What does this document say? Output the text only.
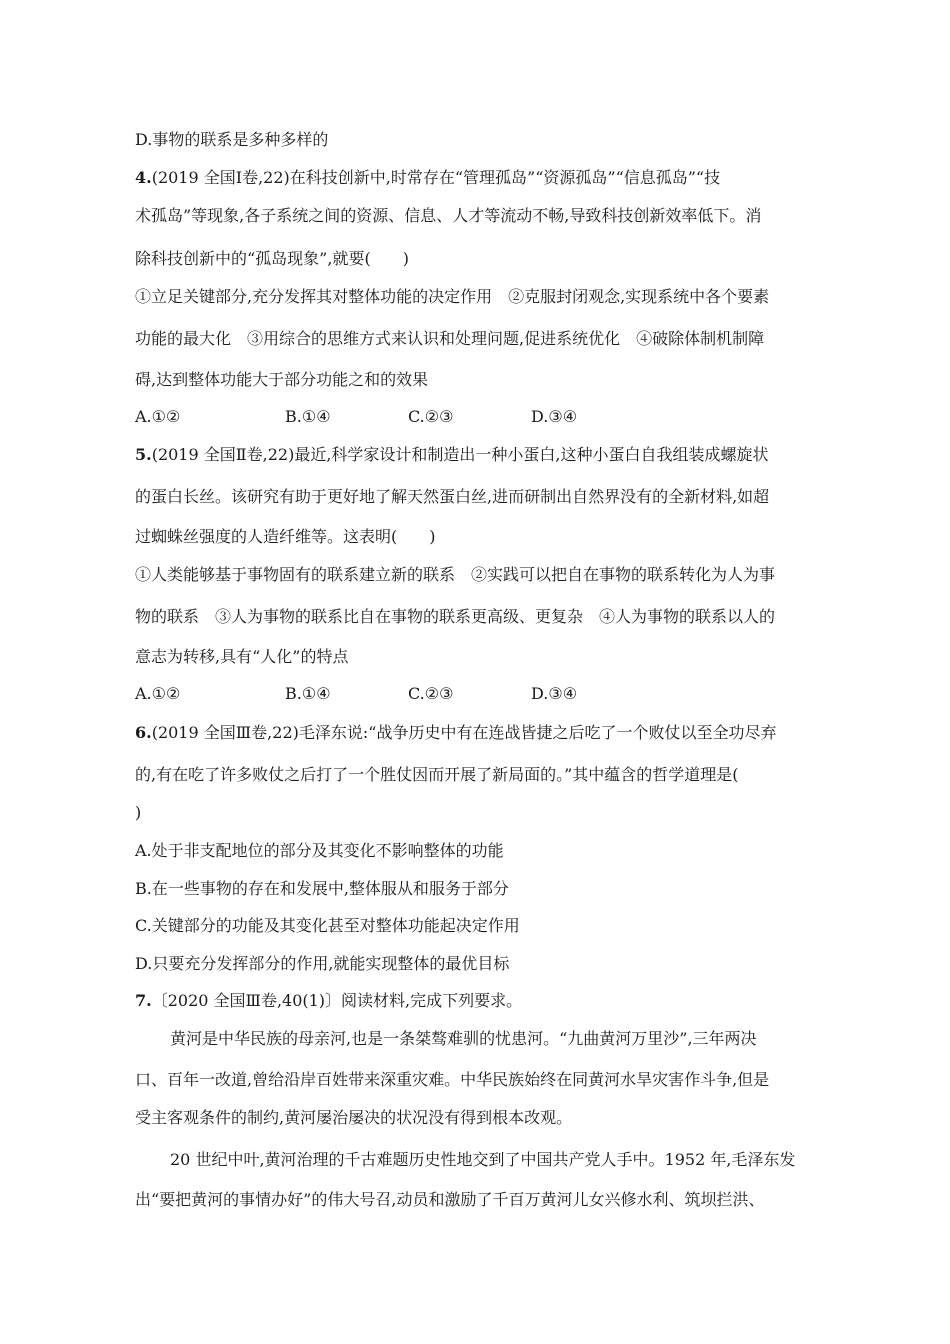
D.事物的联系是多种多样的
4.(2019 全国Ⅰ卷,22)在科技创新中,时常存在“管理孤岛”“资源孤岛”“信息孤岛”“技
术孤岛”等现象,各子系统之间的资源、信息、人才等流动不畅,导致科技创新效率低下。消
除科技创新中的“孤岛现象”,就要(　　)
①立足关键部分,充分发挥其对整体功能的决定作用　②克服封闭观念,实现系统中各个要素
功能的最大化　③用综合的思维方式来认识和处理问题,促进系统优化　④破除体制机制障
碍,达到整体功能大于部分功能之和的效果
A.①②	B.①④	C.②③	D.③④
5.(2019 全国Ⅱ卷,22)最近,科学家设计和制造出一种小蛋白,这种小蛋白自我组装成螺旋状
的蛋白长丝。该研究有助于更好地了解天然蛋白丝,进而研制出自然界没有的全新材料,如超
过蜘蛛丝强度的人造纤维等。这表明(　　)
①人类能够基于事物固有的联系建立新的联系　②实践可以把自在事物的联系转化为人为事
物的联系　③人为事物的联系比自在事物的联系更高级、更复杂　④人为事物的联系以人的
意志为转移,具有“人化”的特点
A.①②	B.①④	C.②③	D.③④
6.(2019 全国Ⅲ卷,22)毛泽东说:“战争历史中有在连战皆捷之后吃了一个败仗以至全功尽弃
的,有在吃了许多败仗之后打了一个胜仗因而开展了新局面的。”其中蕴含的哲学道理是(
)
A.处于非支配地位的部分及其变化不影响整体的功能
B.在一些事物的存在和发展中,整体服从和服务于部分
C.关键部分的功能及其变化甚至对整体功能起决定作用
D.只要充分发挥部分的作用,就能实现整体的最优目标
7.〔2020 全国Ⅲ卷,40(1)〕阅读材料,完成下列要求。
黄河是中华民族的母亲河,也是一条桀骜难驯的忧患河。“九曲黄河万里沙”,三年两决
口、百年一改道,曾给沿岸百姓带来深重灾难。中华民族始终在同黄河水旱灾害作斗争,但是
受主客观条件的制约,黄河屡治屡决的状况没有得到根本改观。
20 世纪中叶,黄河治理的千古难题历史性地交到了中国共产党人手中。1952 年,毛泽东发
出“要把黄河的事情办好”的伟大号召,动员和激励了千百万黄河儿女兴修水利、筑坝拦洪、
